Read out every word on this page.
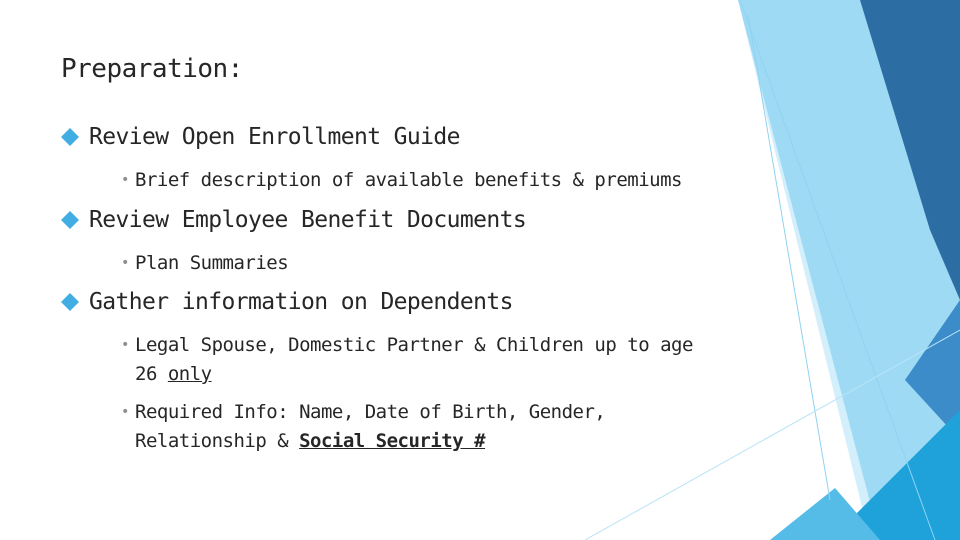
Preparation:
Review Open Enrollment Guide
• Brief description of available benefits & premiums
Review Employee Benefit Documents
• Plan Summaries
Gather information on Dependents
• Legal Spouse, Domestic Partner & Children up to age
26 only
• Required Info: Name, Date of Birth, Gender,
Relationship & Social Security #
